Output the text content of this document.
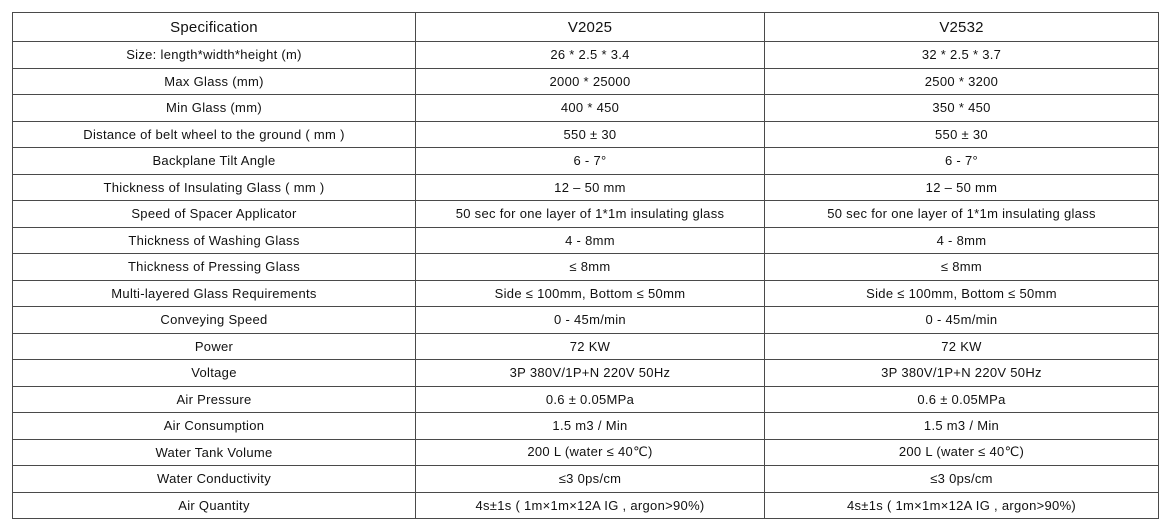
Specification	V2025	V2532
Size: length*width*height (m)	26 * 2.5 * 3.4	32 * 2.5 * 3.7
Max Glass (mm)	2000 * 25000	2500 * 3200
Min Glass (mm)	400 * 450	350 * 450
Distance of belt wheel to the ground ( mm )	550 ± 30	550 ± 30
Backplane Tilt Angle	6 - 7°	6 - 7°
Thickness of Insulating Glass ( mm )	12 – 50 mm	12 – 50 mm
Speed of Spacer Applicator	50 sec for one layer of 1*1m insulating glass	50 sec for one layer of 1*1m insulating glass
Thickness of Washing Glass	4 - 8mm	4 - 8mm
Thickness of Pressing Glass	≤ 8mm	≤ 8mm
Multi-layered Glass Requirements	Side ≤ 100mm, Bottom ≤ 50mm	Side ≤ 100mm, Bottom ≤ 50mm
Conveying Speed	0 - 45m/min	0 - 45m/min
Power	72 KW	72 KW
Voltage	3P 380V/1P+N 220V 50Hz	3P 380V/1P+N 220V 50Hz
Air Pressure	0.6 ± 0.05MPa	0.6 ± 0.05MPa
Air Consumption	1.5 m3 / Min	1.5 m3 / Min
Water Tank Volume	200 L (water ≤ 40℃)	200 L (water ≤ 40℃)
Water Conductivity	≤3 0ps/cm	≤3 0ps/cm
Air Quantity	4s±1s ( 1m×1m×12A IG , argon>90%)	4s±1s ( 1m×1m×12A IG , argon>90%)
